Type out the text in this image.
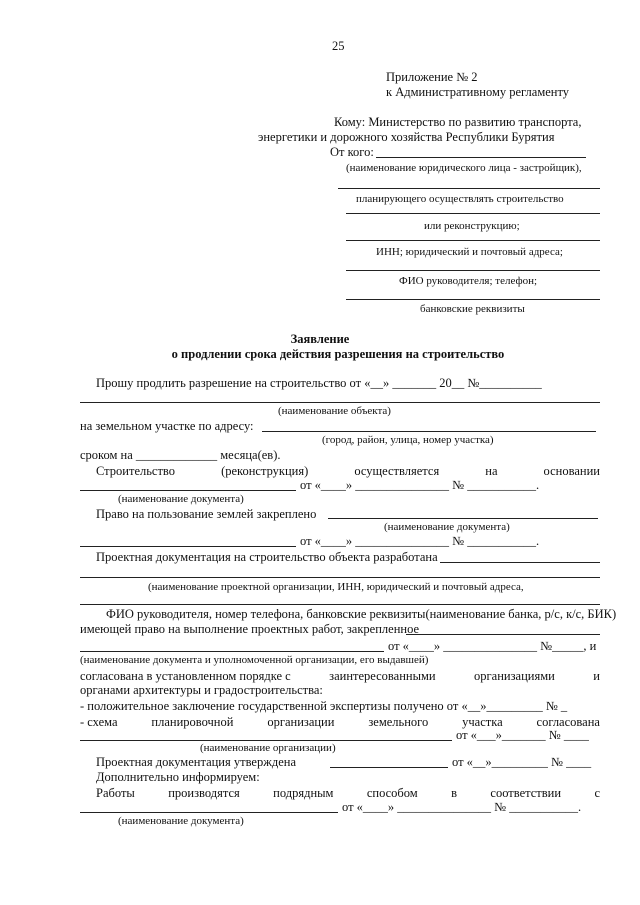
25
Приложение № 2
к Административному регламенту
Кому: Министерство по развитию транспорта,
энергетики и дорожного хозяйства Республики Бурятия
От кого:
(наименование юридического лица - застройщик),
планирующего осуществлять строительство
или реконструкцию;
ИНН; юридический и почтовый адреса;
ФИО руководителя; телефон;
банковские реквизиты
Заявление
о продлении срока действия разрешения на строительство
Прошу продлить разрешение на строительство от «__» _______ 20__ №__________
(наименование объекта)
на земельном участке по адресу:
(город, район, улица, номер участка)
сроком на _____________ месяца(ев).
Строительство	(реконструкция)	осуществляется	на	основании
от «____» _______________ № ___________.
(наименование документа)
Право на пользование землей закреплено
(наименование документа)
от «____» _______________ № ___________.
Проектная документация на строительство объекта разработана
(наименование проектной организации, ИНН, юридический и почтовый адреса,
ФИО руководителя, номер телефона, банковские реквизиты(наименование банка, р/с, к/с, БИК)
имеющей право на выполнение проектных работ, закрепленное
от «____» _______________ №_____, и
(наименование документа и уполномоченной организации, его выдавшей)
согласована в установленном порядке с	заинтересованными	организациями	и
органами архитектуры и градостроительства:
- положительное заключение государственной экспертизы получено от «__»_________ № _
- схема	планировочной	организации	земельного	участка	согласована
от «___»_______ № ____
(наименование организации)
Проектная документация утверждена	от «__»_________ № ____
Дополнительно информируем:
Работы	производятся	подрядным	способом	в	соответствии	с
от «____» _______________ № ___________.
(наименование документа)
